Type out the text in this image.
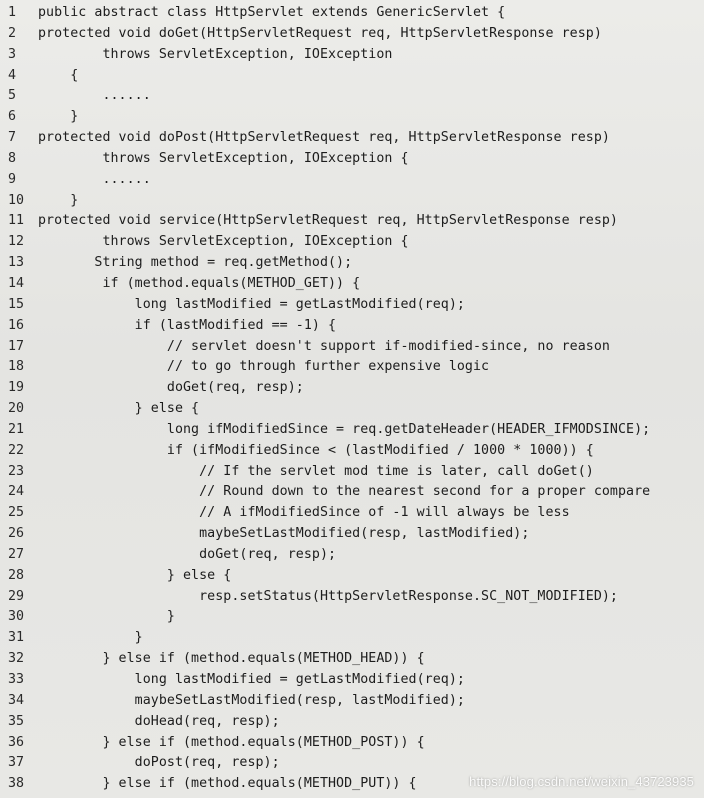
1	public abstract class HttpServlet extends GenericServlet {
2	protected void doGet(HttpServletRequest req, HttpServletResponse resp)
3	throws ServletException, IOException
4	{
5	......
6	}
7	protected void doPost(HttpServletRequest req, HttpServletResponse resp)
8	throws ServletException, IOException {
9	......
10	}
11	protected void service(HttpServletRequest req, HttpServletResponse resp)
12	throws ServletException, IOException {
13	String method = req.getMethod();
14	if (method.equals(METHOD_GET)) {
15	long lastModified = getLastModified(req);
16	if (lastModified == -1) {
17	// servlet doesn't support if-modified-since, no reason
18	// to go through further expensive logic
19	doGet(req, resp);
20	} else {
21	long ifModifiedSince = req.getDateHeader(HEADER_IFMODSINCE);
22	if (ifModifiedSince < (lastModified / 1000 * 1000)) {
23	// If the servlet mod time is later, call doGet()
24	// Round down to the nearest second for a proper compare
25	// A ifModifiedSince of -1 will always be less
26	maybeSetLastModified(resp, lastModified);
27	doGet(req, resp);
28	} else {
29	resp.setStatus(HttpServletResponse.SC_NOT_MODIFIED);
30	}
31	}
32	} else if (method.equals(METHOD_HEAD)) {
33	long lastModified = getLastModified(req);
34	maybeSetLastModified(resp, lastModified);
35	doHead(req, resp);
36	} else if (method.equals(METHOD_POST)) {
37	doPost(req, resp);
38	} else if (method.equals(METHOD_PUT)) {	https://blog.csdn.net/weixin_43723935
